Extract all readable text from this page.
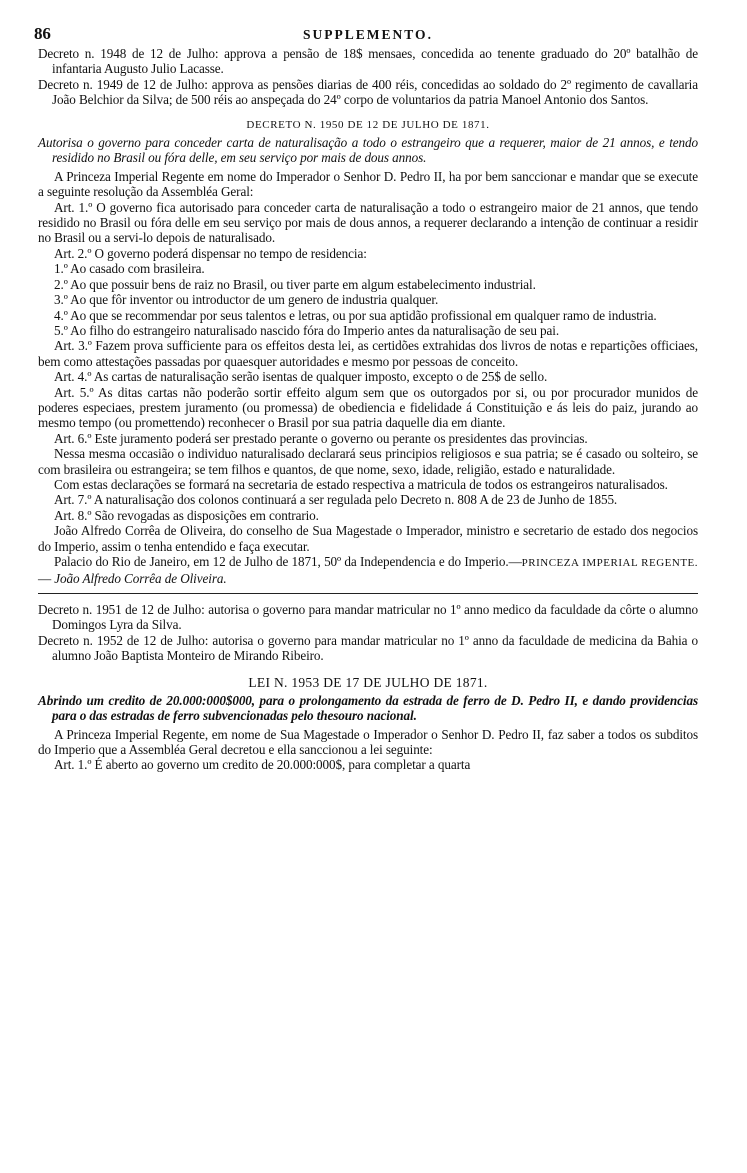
86	SUPPLEMENTO.

Decreto n. 1948 de 12 de Julho: approva a pensão de 18$ mensaes, concedida ao tenente graduado do 20º batalhão de infantaria Augusto Julio Lacasse.

Decreto n. 1949 de 12 de Julho: approva as pensões diarias de 400 réis, concedidas ao soldado do 2º regimento de cavallaria João Belchior da Silva; de 500 réis ao anspeçada do 24º corpo de voluntarios da patria Manoel Antonio dos Santos.

DECRETO N. 1950 DE 12 DE JULHO DE 1871.

Autorisa o governo para conceder carta de naturalisação a todo o estrangeiro que a requerer, maior de 21 annos, e tendo residido no Brasil ou fóra delle, em seu serviço por mais de dous annos.

A Princeza Imperial Regente em nome do Imperador o Senhor D. Pedro II, ha por bem sanccionar e mandar que se execute a seguinte resolução da Assembléa Geral:

Art. 1.º O governo fica autorisado para conceder carta de naturalisação a todo o estrangeiro maior de 21 annos, que tendo residido no Brasil ou fóra delle em seu serviço por mais de dous annos, a requerer declarando a intenção de continuar a residir no Brasil ou a servi-lo depois de naturalisado.

Art. 2.º O governo poderá dispensar no tempo de residencia:

1.º Ao casado com brasileira.

2.º Ao que possuir bens de raiz no Brasil, ou tiver parte em algum estabelecimento industrial.

3.º Ao que fôr inventor ou introductor de um genero de industria qualquer.

4.º Ao que se recommendar por seus talentos e letras, ou por sua aptidão profissional em qualquer ramo de industria.

5.º Ao filho do estrangeiro naturalisado nascido fóra do Imperio antes da naturalisação de seu pai.

Art. 3.º Fazem prova sufficiente para os effeitos desta lei, as certidões extrahidas dos livros de notas e repartições officiaes, bem como attestações passadas por quaesquer autoridades e mesmo por pessoas de conceito.

Art. 4.º As cartas de naturalisação serão isentas de qualquer imposto, excepto o de 25$ de sello.

Art. 5.º As ditas cartas não poderão sortir effeito algum sem que os outorgados por si, ou por procurador munidos de poderes especiaes, prestem juramento (ou promessa) de obediencia e fidelidade á Constituição e ás leis do paiz, jurando ao mesmo tempo (ou promettendo) reconhecer o Brasil por sua patria daquelle dia em diante.

Art. 6.º Este juramento poderá ser prestado perante o governo ou perante os presidentes das provincias.

Nessa mesma occasião o individuo naturalisado declarará seus principios religiosos e sua patria; se é casado ou solteiro, se com brasileira ou estrangeira; se tem filhos e quantos, de que nome, sexo, idade, religião, estado e naturalidade.

Com estas declarações se formará na secretaria de estado respectiva a matricula de todos os estrangeiros naturalisados.

Art. 7.º A naturalisação dos colonos continuará a ser regulada pelo Decreto n. 808 A de 23 de Junho de 1855.

Art. 8.º São revogadas as disposições em contrario.

João Alfredo Corrêa de Oliveira, do conselho de Sua Magestade o Imperador, ministro e secretario de estado dos negocios do Imperio, assim o tenha entendido e faça executar.

Palacio do Rio de Janeiro, em 12 de Julho de 1871, 50º da Independencia e do Imperio.—PRINCEZA IMPERIAL REGENTE. — João Alfredo Corrêa de Oliveira.

Decreto n. 1951 de 12 de Julho: autorisa o governo para mandar matricular no 1º anno medico da faculdade da côrte o alumno Domingos Lyra da Silva.

Decreto n. 1952 de 12 de Julho: autorisa o governo para mandar matricular no 1º anno da faculdade de medicina da Bahia o alumno João Baptista Monteiro de Mirando Ribeiro.

LEI N. 1953 DE 17 DE JULHO DE 1871.

Abrindo um credito de 20.000:000$000, para o prolongamento da estrada de ferro de D. Pedro II, e dando providencias para o das estradas de ferro subvencionadas pelo thesouro nacional.

A Princeza Imperial Regente, em nome de Sua Magestade o Imperador o Senhor D. Pedro II, faz saber a todos os subditos do Imperio que a Assembléa Geral decretou e ella sanccionou a lei seguinte:

Art. 1.º É aberto ao governo um credito de 20.000:000$, para completar a quarta
